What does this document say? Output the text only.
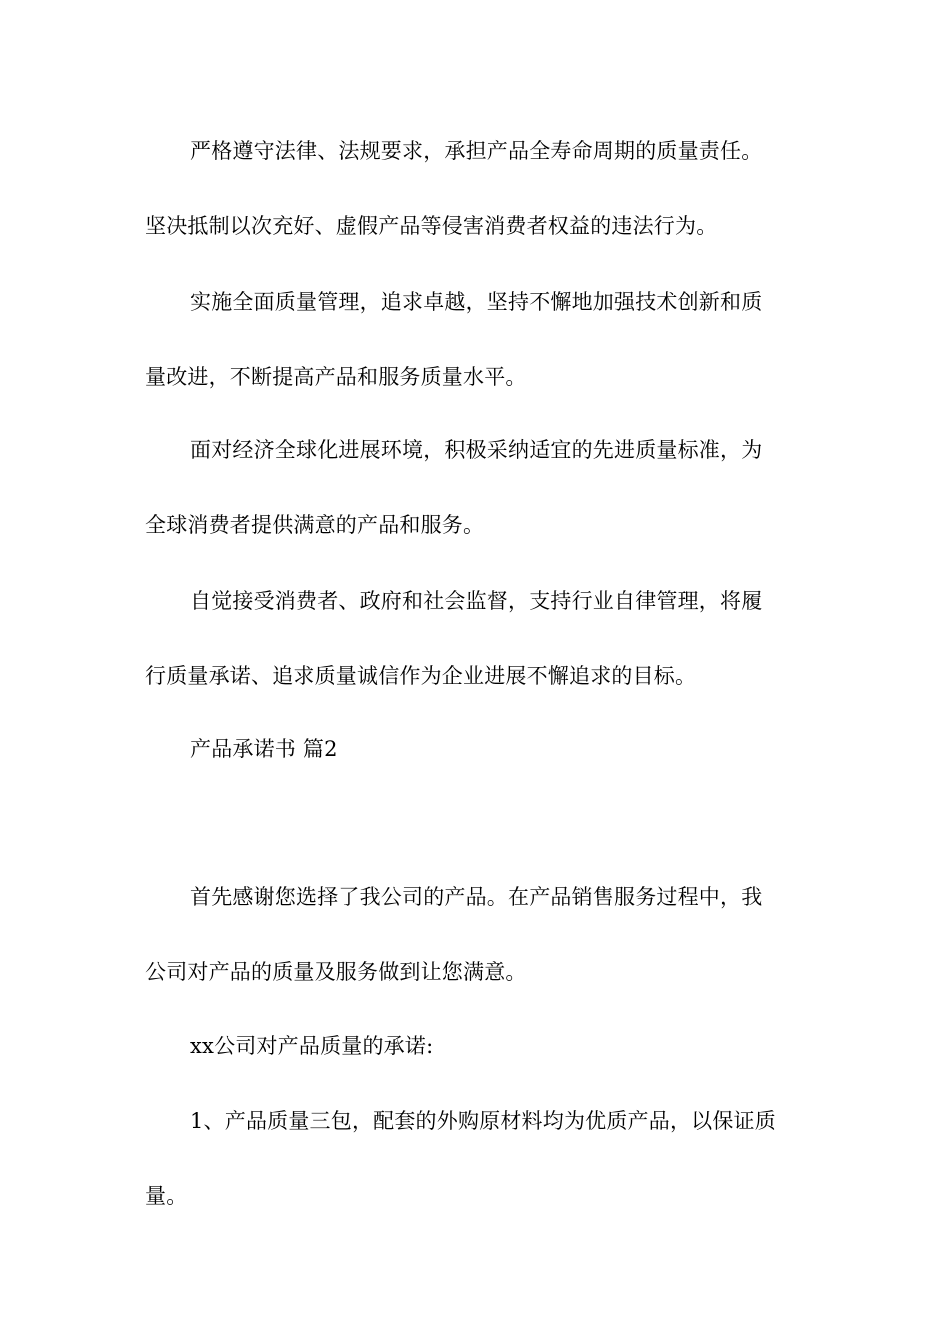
严格遵守法律、法规要求，承担产品全寿命周期的质量责任。
坚决抵制以次充好、虚假产品等侵害消费者权益的违法行为。
实施全面质量管理，追求卓越，坚持不懈地加强技术创新和质
量改进，不断提高产品和服务质量水平。
面对经济全球化进展环境，积极采纳适宜的先进质量标准，为
全球消费者提供满意的产品和服务。
自觉接受消费者、政府和社会监督，支持行业自律管理，将履
行质量承诺、追求质量诚信作为企业进展不懈追求的目标。
产品承诺书 篇2
首先感谢您选择了我公司的产品。在产品销售服务过程中，我
公司对产品的质量及服务做到让您满意。
xx公司对产品质量的承诺:
1、产品质量三包，配套的外购原材料均为优质产品，以保证质
量。
